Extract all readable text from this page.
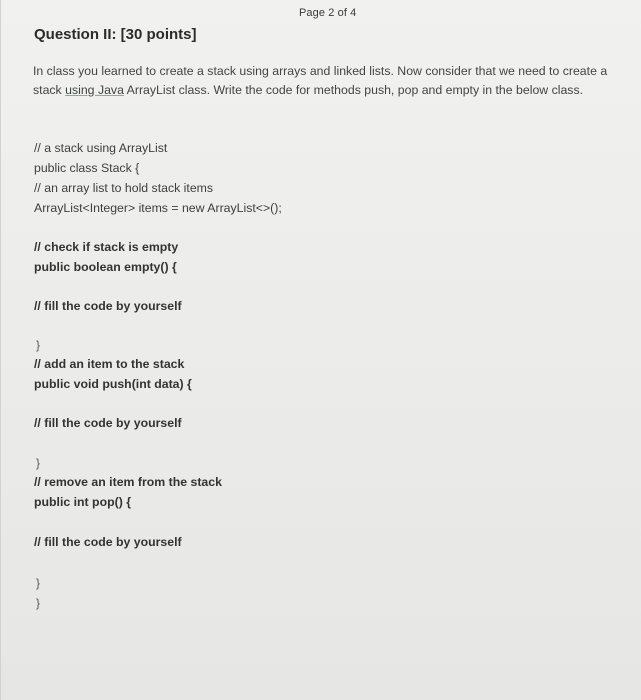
Page 2 of 4
Question II: [30 points]
In class you learned to create a stack using arrays and linked lists. Now consider that we need to create a stack using Java ArrayList class. Write the code for methods push, pop and empty in the below class.
// a stack using ArrayList
public class Stack {
// an array list to hold stack items
ArrayList<Integer> items = new ArrayList<>();
// check if stack is empty
public boolean empty() {
// fill the code by yourself
}
// add an item to the stack
public void push(int data) {
// fill the code by yourself
}
// remove an item from the stack
public int pop() {
// fill the code by yourself
}
}
